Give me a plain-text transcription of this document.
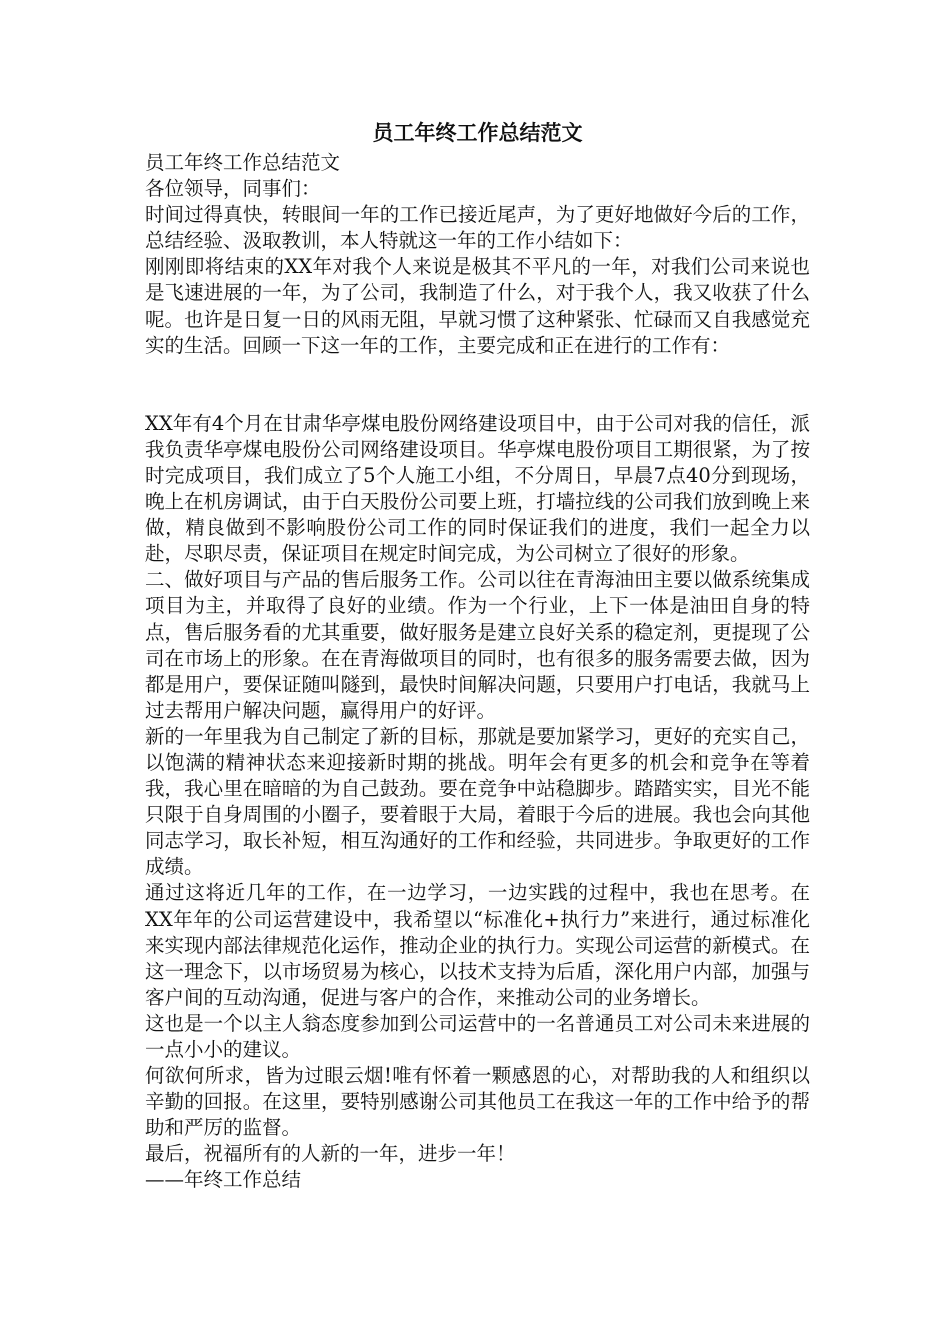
员工年终工作总结范文

员工年终工作总结范文

各位领导，同事们：

时间过得真快，转眼间一年的工作已接近尾声，为了更好地做好今后的工作，总结经验、汲取教训，本人特就这一年的工作小结如下：

刚刚即将结束的XX年对我个人来说是极其不平凡的一年，对我们公司来说也是飞速进展的一年，为了公司，我制造了什么，对于我个人，我又收获了什么呢。也许是日复一日的风雨无阻，早就习惯了这种紧张、忙碌而又自我感觉充实的生活。回顾一下这一年的工作，主要完成和正在进行的工作有：

XX年有4个月在甘肃华亭煤电股份网络建设项目中，由于公司对我的信任，派我负责华亭煤电股份公司网络建设项目。华亭煤电股份项目工期很紧，为了按时完成项目，我们成立了5个人施工小组，不分周日，早晨7点40分到现场，晚上在机房调试，由于白天股份公司要上班，打墙拉线的公司我们放到晚上来做，精良做到不影响股份公司工作的同时保证我们的进度，我们一起全力以赴，尽职尽责，保证项目在规定时间完成，为公司树立了很好的形象。

二、做好项目与产品的售后服务工作。公司以往在青海油田主要以做系统集成项目为主，并取得了良好的业绩。作为一个行业，上下一体是油田自身的特点，售后服务看的尤其重要，做好服务是建立良好关系的稳定剂，更提现了公司在市场上的形象。在在青海做项目的同时，也有很多的服务需要去做，因为都是用户，要保证随叫隧到，最快时间解决问题，只要用户打电话，我就马上过去帮用户解决问题，赢得用户的好评。

新的一年里我为自己制定了新的目标，那就是要加紧学习，更好的充实自己，以饱满的精神状态来迎接新时期的挑战。明年会有更多的机会和竞争在等着我，我心里在暗暗的为自己鼓劲。要在竞争中站稳脚步。踏踏实实，目光不能只限于自身周围的小圈子，要着眼于大局，着眼于今后的进展。我也会向其他同志学习，取长补短，相互沟通好的工作和经验，共同进步。争取更好的工作成绩。

通过这将近几年的工作，在一边学习，一边实践的过程中，我也在思考。在XX年年的公司运营建设中，我希望以“标准化+执行力”来进行，通过标准化来实现内部法律规范化运作，推动企业的执行力。实现公司运营的新模式。在这一理念下，以市场贸易为核心，以技术支持为后盾，深化用户内部，加强与客户间的互动沟通，促进与客户的合作，来推动公司的业务增长。

这也是一个以主人翁态度参加到公司运营中的一名普通员工对公司未来进展的一点小小的建议。

何欲何所求，皆为过眼云烟!唯有怀着一颗感恩的心，对帮助我的人和组织以辛勤的回报。在这里，要特别感谢公司其他员工在我这一年的工作中给予的帮助和严厉的监督。

最后，祝福所有的人新的一年，进步一年！

——年终工作总结
